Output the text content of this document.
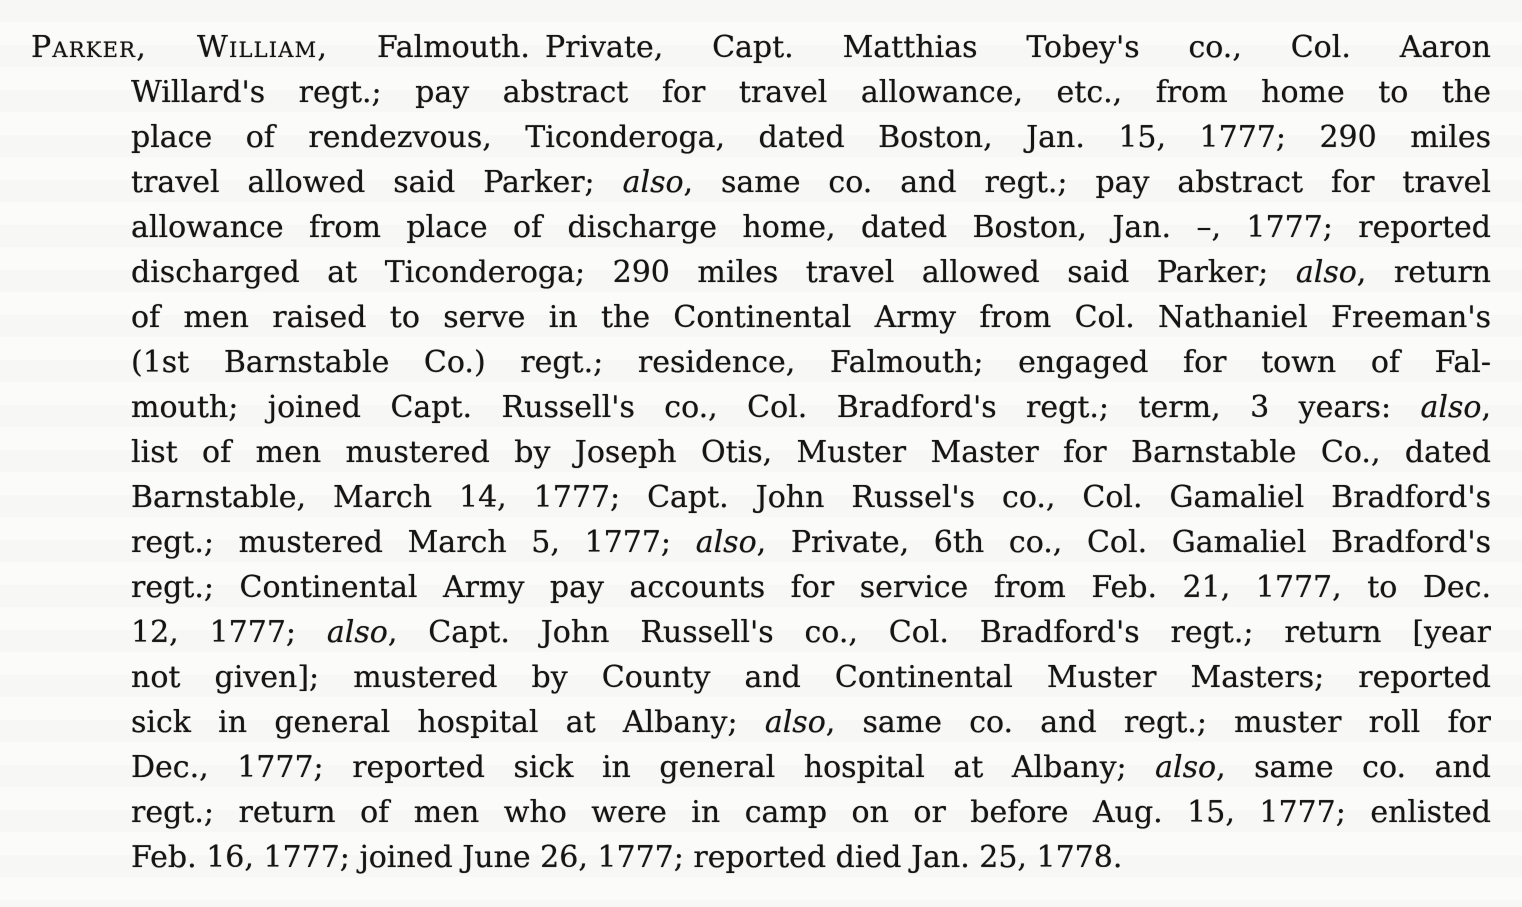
Parker, William, Falmouth. Private, Capt. Matthias Tobey's co., Col. Aaron
Willard's regt.; pay abstract for travel allowance, etc., from home to the
place of rendezvous, Ticonderoga, dated Boston, Jan. 15, 1777; 290 miles
travel allowed said Parker; also, same co. and regt.; pay abstract for travel
allowance from place of discharge home, dated Boston, Jan. –, 1777; reported
discharged at Ticonderoga; 290 miles travel allowed said Parker; also, return
of men raised to serve in the Continental Army from Col. Nathaniel Freeman's
(1st Barnstable Co.) regt.; residence, Falmouth; engaged for town of Fal-
mouth; joined Capt. Russell's co., Col. Bradford's regt.; term, 3 years: also,
list of men mustered by Joseph Otis, Muster Master for Barnstable Co., dated
Barnstable, March 14, 1777; Capt. John Russel's co., Col. Gamaliel Bradford's
regt.; mustered March 5, 1777; also, Private, 6th co., Col. Gamaliel Bradford's
regt.; Continental Army pay accounts for service from Feb. 21, 1777, to Dec.
12, 1777; also, Capt. John Russell's co., Col. Bradford's regt.; return [year
not given]; mustered by County and Continental Muster Masters; reported
sick in general hospital at Albany; also, same co. and regt.; muster roll for
Dec., 1777; reported sick in general hospital at Albany; also, same co. and
regt.; return of men who were in camp on or before Aug. 15, 1777; enlisted
Feb. 16, 1777; joined June 26, 1777; reported died Jan. 25, 1778.
